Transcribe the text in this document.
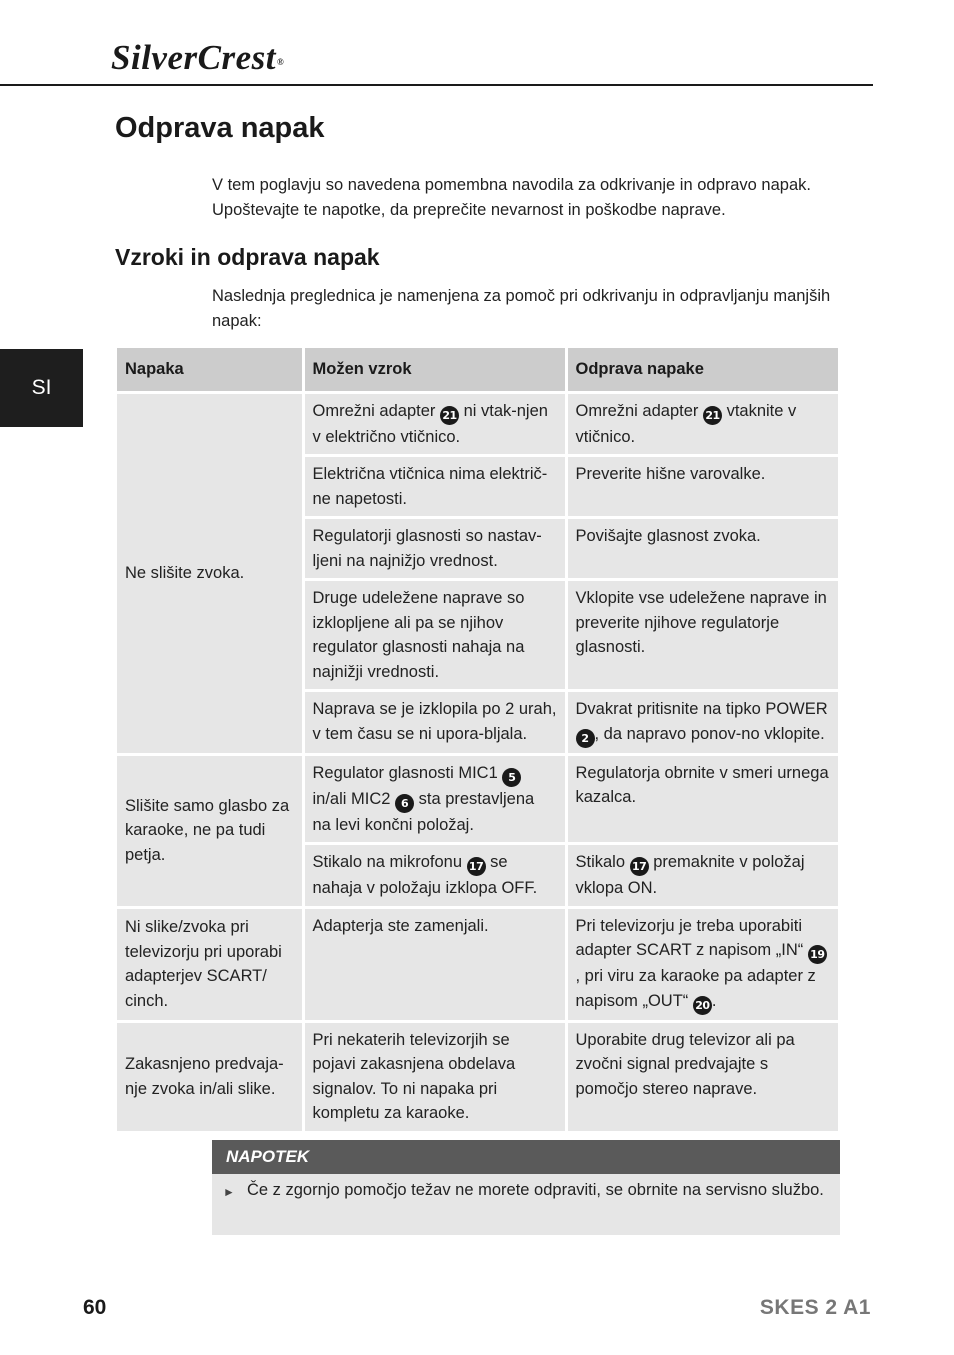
SilverCrest®
SI
Odprava napak

V tem poglavju so navedena pomembna navodila za odkrivanje in odpravo napak. Upoštevajte te napotke, da preprečite nevarnost in poškodbe naprave.

Vzroki in odprava napak

Naslednja preglednica je namenjena za pomoč pri odkrivanju in odpravljanju manjših napak:

Napaka	Možen vzrok	Odprava napake
Ne slišite zvoka.	Omrežni adapter 21 ni vtak-njen v električno vtičnico.	Omrežni adapter 21 vtaknite v vtičnico.
	Električna vtičnica nima električ-ne napetosti.	Preverite hišne varovalke.
	Regulatorji glasnosti so nastav-ljeni na najnižjo vrednost.	Povišajte glasnost zvoka.
	Druge udeležene naprave so izklopljene ali pa se njihov regulator glasnosti nahaja na najnižji vrednosti.	Vklopite vse udeležene naprave in preverite njihove regulatorje glasnosti.
	Naprava se je izklopila po 2 urah, v tem času se ni upora-bljala.	Dvakrat pritisnite na tipko POWER 2 , da napravo ponov-no vklopite.
Slišite samo glasbo za karaoke, ne pa tudi petja.	Regulator glasnosti MIC1 5 in/ali MIC2 6 sta prestavljena na levi končni položaj.	Regulatorja obrnite v smeri urnega kazalca.
	Stikalo na mikrofonu 17 se nahaja v položaju izklopa OFF.	Stikalo 17 premaknite v položaj vklopa ON.
Ni slike/zvoka pri televizorju pri uporabi adapterjev SCART/ cinch.	Adapterja ste zamenjali.	Pri televizorju je treba uporabiti adapter SCART z napisom „IN“ 19, pri viru za karaoke pa adapter z napisom „OUT“ 20 .
Zakasnjeno predvaja-nje zvoka in/ali slike.	Pri nekaterih televizorjih se pojavi zakasnjena obdelava signalov. To ni napaka pri kompletu za karaoke.	Uporabite drug televizor ali pa zvočni signal predvajajte s pomočjo stereo naprave.
NAPOTEK
► Če z zgornjo pomočjo težav ne morete odpraviti, se obrnite na servisno službo.
60	SKES 2 A1
